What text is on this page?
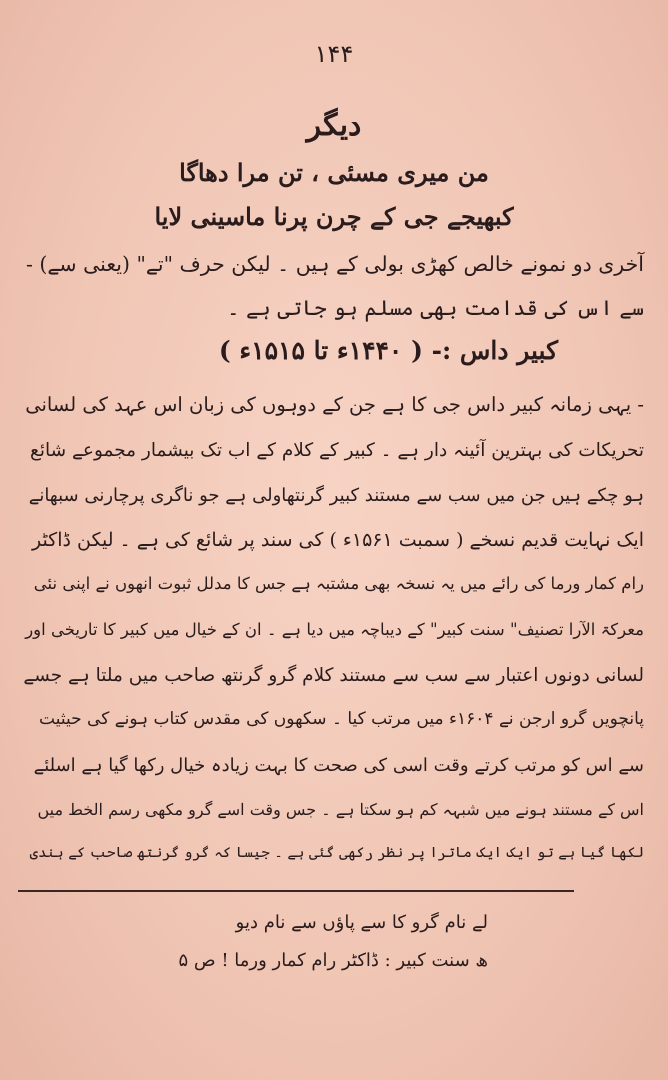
۱۴۴
دیگر
من میری مسئی ، تن مرا دھاگا
کبھیجے جی کے چرن پرنا ماسینی لایا
آخری دو نمونے خالص کھڑی بولی کے ہیں ۔ لیکن حرف "تے" (یعنی سے) -
سے اس کی قدامت بھی مسلم ہو جاتی ہے ۔
کبیر داس :- ( ۱۴۴۰ء تا ۱۵۱۵ء )
- یہی زمانہ کبیر داس جی کا ہے جن کے دوہوں کی زبان اس عہد کی لسانی
تحریکات کی بہترین آئینہ دار ہے ۔ کبیر کے کلام کے اب تک بیشمار مجموعے شائع
ہو چکے ہیں جن میں سب سے مستند کبیر گرنتھاولی ہے جو ناگری پرچارنی سبھانے
ایک نہایت قدیم نسخے ( سمبت ۱۵۶۱ء ) کی سند پر شائع کی ہے ۔ لیکن ڈاکٹر
رام کمار ورما کی رائے میں یہ نسخہ بھی مشتبہ ہے جس کا مدلل ثبوت انھوں نے اپنی نئی
معرکۃ الآرا تصنیف" سنت کبیر" کے دیباچہ میں دیا ہے ۔ ان کے خیال میں کبیر کا تاریخی اور
لسانی دونوں اعتبار سے سب سے مستند کلام گرو گرنتھ صاحب میں ملتا ہے جسے
پانچویں گرو ارجن نے ۱۶۰۴ء میں مرتب کیا ۔ سکھوں کی مقدس کتاب ہونے کی حیثیت
سے اس کو مرتب کرتے وقت اسی کی صحت کا بہت زیادہ خیال رکھا گیا ہے اسلئے
اس کے مستند ہونے میں شبہہ کم ہو سکتا ہے ۔ جس وقت اسے گرو مکھی رسم الخط میں
لکھا گیا ہے تو ایک ایک ماترا پر نظر رکھی گئی ہے ۔ جیسا کہ گرو گرنتھ صاحب کے ہندی
لے نام گرو کا سے پاؤں سے نام دیو
ھ سنت کبیر : ڈاکٹر رام کمار ورما ! ص ۵
